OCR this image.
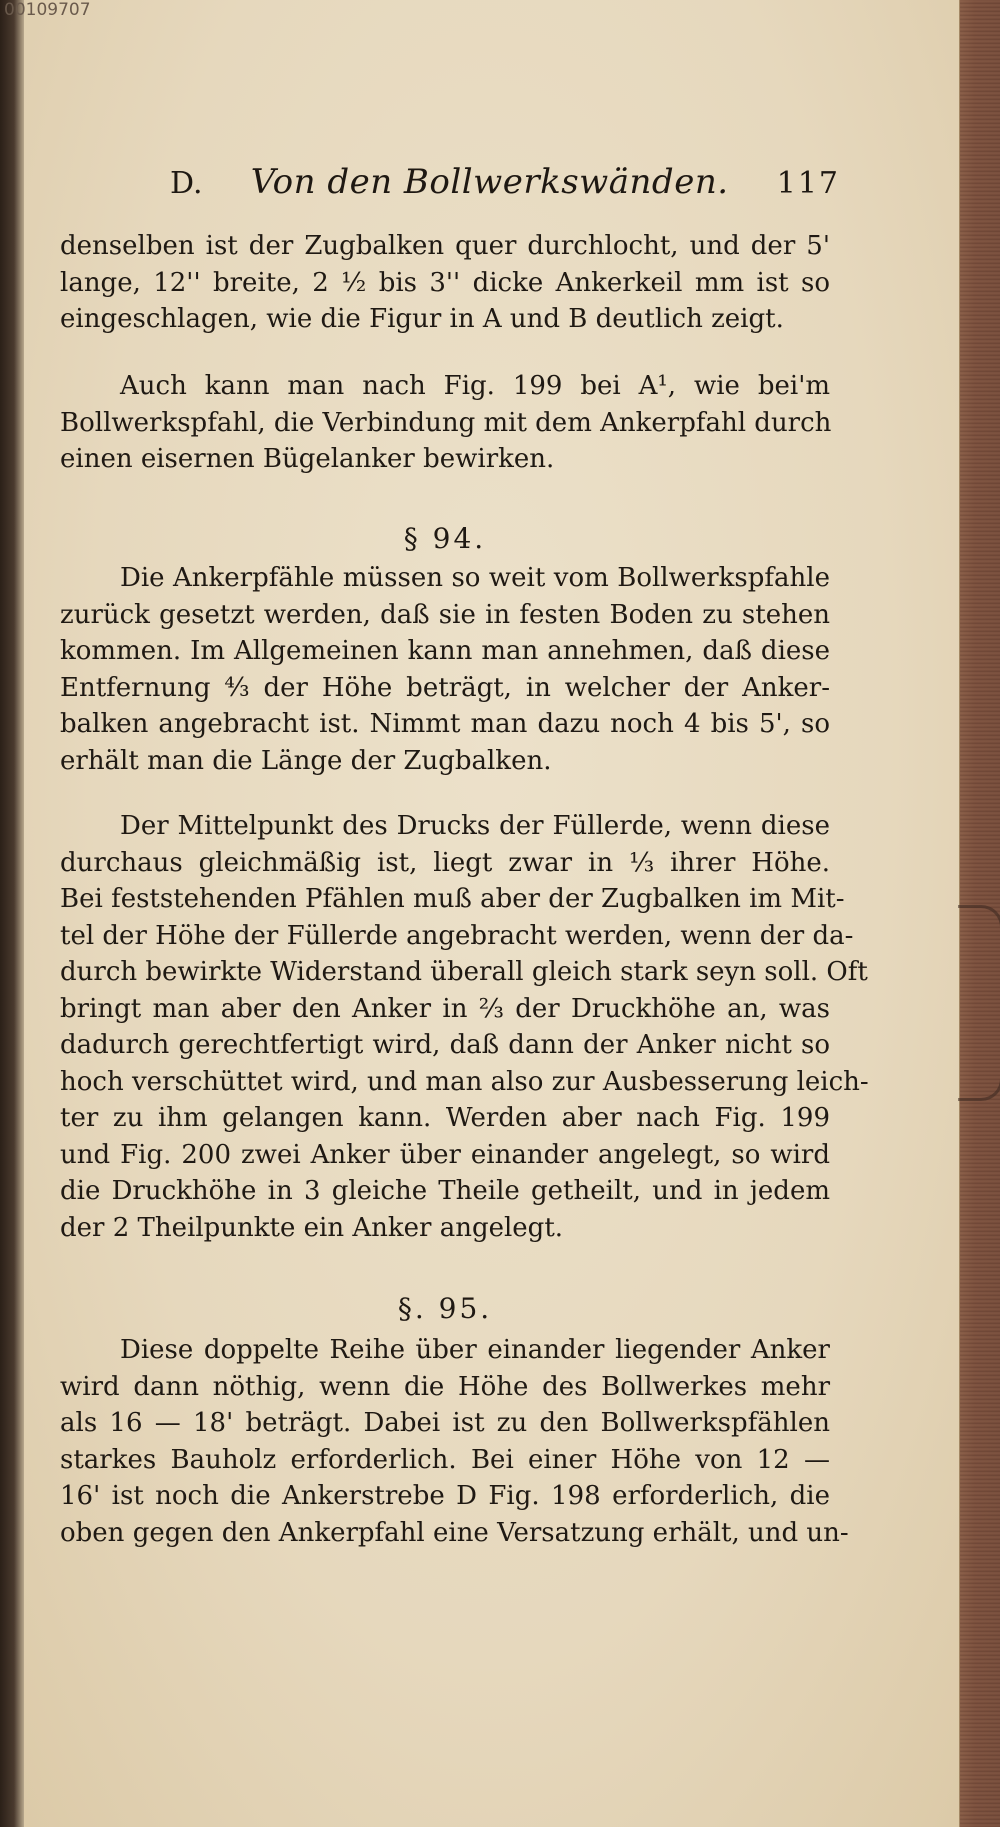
00109707
D. Von den Bollwerkswänden. 117
denselben ist der Zugbalken quer durchlocht, und der 5'
lange, 12'' breite, 2 ½ bis 3'' dicke Ankerkeil mm ist so
eingeschlagen, wie die Figur in A und B deutlich zeigt.
Auch kann man nach Fig. 199 bei A¹, wie bei'm
Bollwerkspfahl, die Verbindung mit dem Ankerpfahl durch
einen eisernen Bügelanker bewirken.
§ 94.
Die Ankerpfähle müssen so weit vom Bollwerkspfahle
zurück gesetzt werden, daß sie in festen Boden zu stehen
kommen. Im Allgemeinen kann man annehmen, daß diese
Entfernung ⁴⁄₃ der Höhe beträgt, in welcher der Anker-
balken angebracht ist. Nimmt man dazu noch 4 bis 5', so
erhält man die Länge der Zugbalken.
Der Mittelpunkt des Drucks der Füllerde, wenn diese
durchaus gleichmäßig ist, liegt zwar in ⅓ ihrer Höhe.
Bei feststehenden Pfählen muß aber der Zugbalken im Mit-
tel der Höhe der Füllerde angebracht werden, wenn der da-
durch bewirkte Widerstand überall gleich stark seyn soll. Oft
bringt man aber den Anker in ⅔ der Druckhöhe an, was
dadurch gerechtfertigt wird, daß dann der Anker nicht so
hoch verschüttet wird, und man also zur Ausbesserung leich-
ter zu ihm gelangen kann. Werden aber nach Fig. 199
und Fig. 200 zwei Anker über einander angelegt, so wird
die Druckhöhe in 3 gleiche Theile getheilt, und in jedem
der 2 Theilpunkte ein Anker angelegt.
§. 95.
Diese doppelte Reihe über einander liegender Anker
wird dann nöthig, wenn die Höhe des Bollwerkes mehr
als 16 — 18' beträgt. Dabei ist zu den Bollwerkspfählen
starkes Bauholz erforderlich. Bei einer Höhe von 12 —
16' ist noch die Ankerstrebe D Fig. 198 erforderlich, die
oben gegen den Ankerpfahl eine Versatzung erhält, und un-
